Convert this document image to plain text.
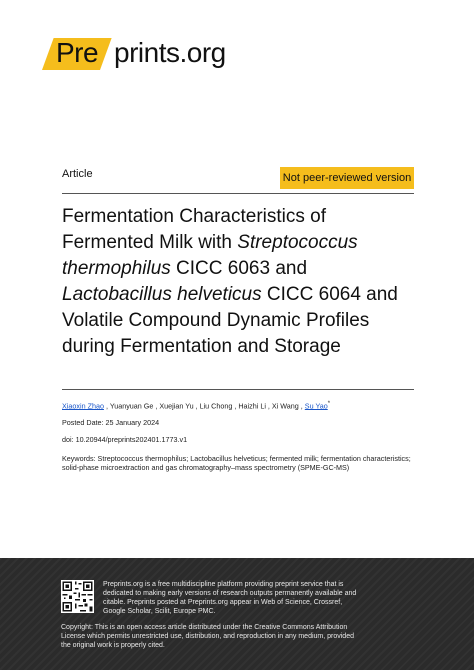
Pre prints.org
Article	Not peer-reviewed version
Fermentation Characteristics of Fermented Milk with Streptococcus thermophilus CICC 6063 and Lactobacillus helveticus CICC 6064 and Volatile Compound Dynamic Profiles during Fermentation and Storage
Xiaoxin Zhao , Yuanyuan Ge , Xuejian Yu , Liu Chong , Haizhi Li , Xi Wang , Su Yao*
Posted Date: 25 January 2024
doi: 10.20944/preprints202401.1773.v1
Keywords: Streptococcus thermophilus; Lactobacillus helveticus; fermented milk; fermentation characteristics; solid-phase microextraction and gas chromatography–mass spectrometry (SPME-GC-MS)
Preprints.org is a free multidiscipline platform providing preprint service that is dedicated to making early versions of research outputs permanently available and citable. Preprints posted at Preprints.org appear in Web of Science, Crossref, Google Scholar, Scilit, Europe PMC.
Copyright: This is an open access article distributed under the Creative Commons Attribution License which permits unrestricted use, distribution, and reproduction in any medium, provided the original work is properly cited.
